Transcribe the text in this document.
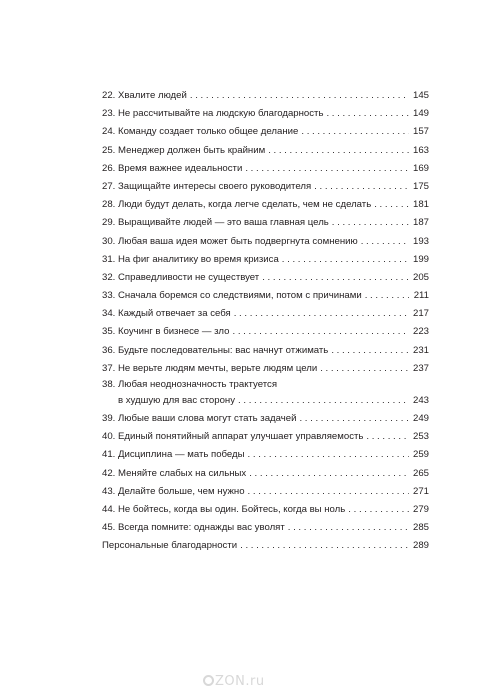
22. Хвалите людей . . .	145
23. Не рассчитывайте на людскую благодарность . . .	149
24. Команду создает только общее делание . . .	157
25. Менеджер должен быть крайним . . .	163
26. Время важнее идеальности . . .	169
27. Защищайте интересы своего руководителя . . .	175
28. Люди будут делать, когда легче сделать, чем не сделать . . .	181
29. Выращивайте людей — это ваша главная цель . . .	187
30. Любая ваша идея может быть подвергнута сомнению . . .	193
31. На фиг аналитику во время кризиса . . .	199
32. Справедливости не существует . . .	205
33. Сначала боремся со следствиями, потом с причинами . . .	211
34. Каждый отвечает за себя . . .	217
35. Коучинг в бизнесе — зло . . .	223
36. Будьте последовательны: вас начнут отжимать . . .	231
37. Не верьте людям мечты, верьте людям цели . . .	237
38. Любая неоднозначность трактуется
в худшую для вас сторону . . .	243
39. Любые ваши слова могут стать задачей . . .	249
40. Единый понятийный аппарат улучшает управляемость . . .	253
41. Дисциплина — мать победы . . .	259
42. Меняйте слабых на сильных . . .	265
43. Делайте больше, чем нужно . . .	271
44. Не бойтесь, когда вы один. Бойтесь, когда вы ноль . . .	279
45. Всегда помните: однажды вас уволят . . .	285
Персональные благодарности . . .	289
ZON.ru
